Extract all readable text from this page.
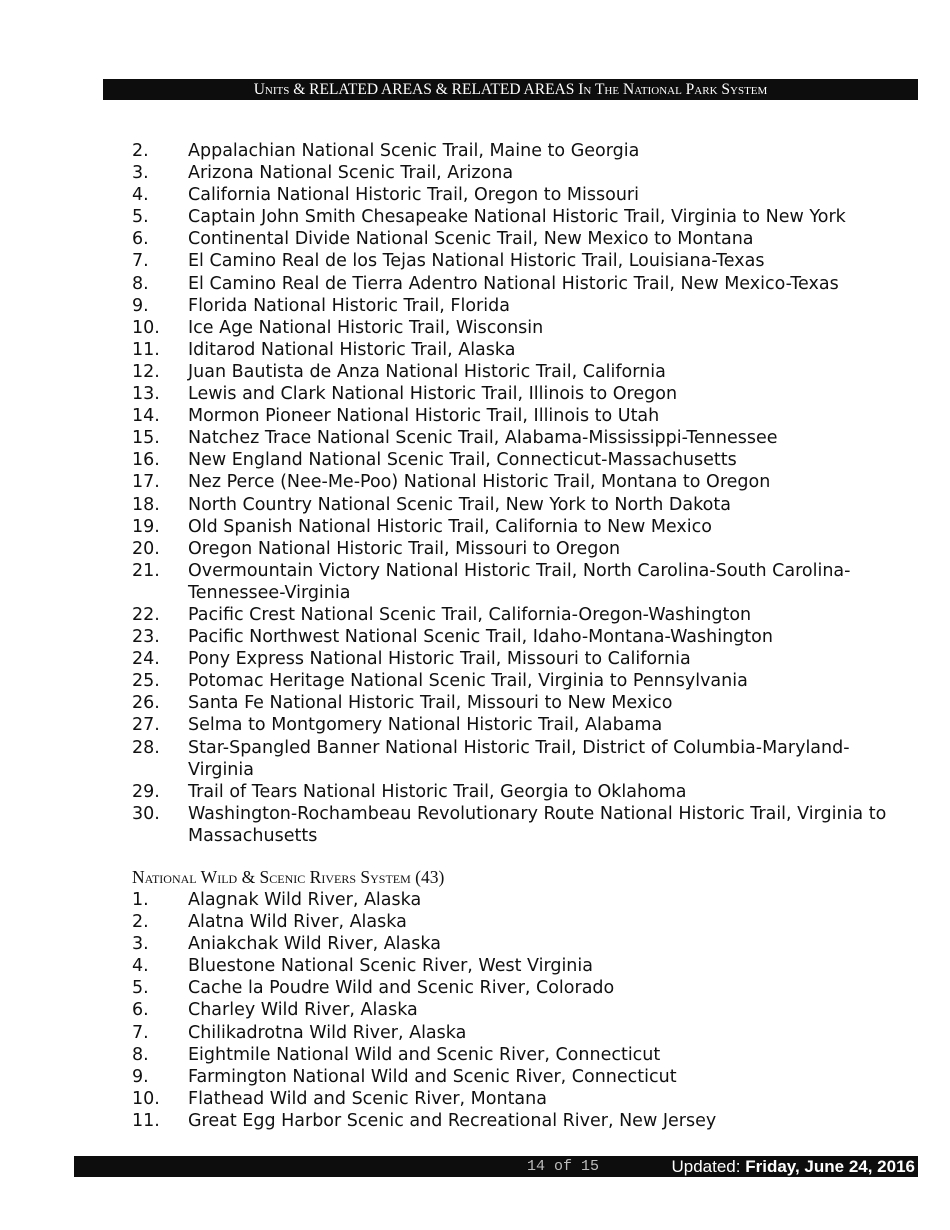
Units & RELATED AREAS & RELATED AREAS In The National Park System
2.	Appalachian National Scenic Trail, Maine to Georgia
3.	Arizona National Scenic Trail, Arizona
4.	California National Historic Trail, Oregon to Missouri
5.	Captain John Smith Chesapeake National Historic Trail, Virginia to New York
6.	Continental Divide National Scenic Trail, New Mexico to Montana
7.	El Camino Real de los Tejas National Historic Trail, Louisiana-Texas
8.	El Camino Real de Tierra Adentro National Historic Trail, New Mexico-Texas
9.	Florida National Historic Trail, Florida
10.	Ice Age National Historic Trail, Wisconsin
11.	Iditarod National Historic Trail, Alaska
12.	Juan Bautista de Anza National Historic Trail, California
13.	Lewis and Clark National Historic Trail, Illinois to Oregon
14.	Mormon Pioneer National Historic Trail, Illinois to Utah
15.	Natchez Trace National Scenic Trail, Alabama-Mississippi-Tennessee
16.	New England National Scenic Trail, Connecticut-Massachusetts
17.	Nez Perce (Nee-Me-Poo) National Historic Trail, Montana to Oregon
18.	North Country National Scenic Trail, New York to North Dakota
19.	Old Spanish National Historic Trail, California to New Mexico
20.	Oregon National Historic Trail, Missouri to Oregon
21.	Overmountain Victory National Historic Trail, North Carolina-South Carolina-Tennessee-Virginia
22.	Pacific Crest National Scenic Trail, California-Oregon-Washington
23.	Pacific Northwest National Scenic Trail, Idaho-Montana-Washington
24.	Pony Express National Historic Trail, Missouri to California
25.	Potomac Heritage National Scenic Trail, Virginia to Pennsylvania
26.	Santa Fe National Historic Trail, Missouri to New Mexico
27.	Selma to Montgomery National Historic Trail, Alabama
28.	Star-Spangled Banner National Historic Trail, District of Columbia-Maryland-Virginia
29.	Trail of Tears National Historic Trail, Georgia to Oklahoma
30.	Washington-Rochambeau Revolutionary Route National Historic Trail, Virginia to Massachusetts
National Wild & Scenic Rivers System (43)
1.	Alagnak Wild River, Alaska
2.	Alatna Wild River, Alaska
3.	Aniakchak Wild River, Alaska
4.	Bluestone National Scenic River, West Virginia
5.	Cache la Poudre Wild and Scenic River, Colorado
6.	Charley Wild River, Alaska
7.	Chilikadrotna Wild River, Alaska
8.	Eightmile National Wild and Scenic River, Connecticut
9.	Farmington National Wild and Scenic River, Connecticut
10.	Flathead Wild and Scenic River, Montana
11.	Great Egg Harbor Scenic and Recreational River, New Jersey
14 of 15	Updated: Friday, June 24, 2016
